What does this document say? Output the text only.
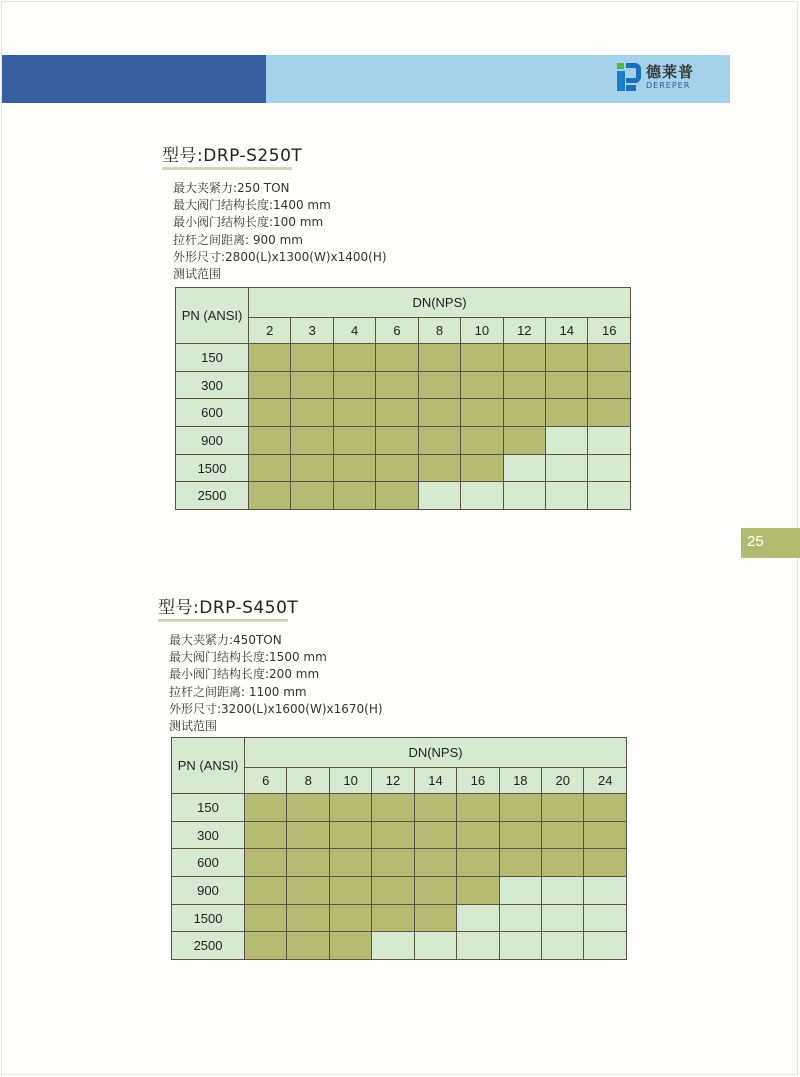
德莱普
DEREPER
型号:DRP-S250T
最大夹紧力:250 TON
最大阀门结构长度:1400 mm
最小阀门结构长度:100 mm
拉杆之间距离: 900 mm
外形尺寸:2800(L)x1300(W)x1400(H)
测试范围
PN (ANSI)	DN(NPS)								
	2	3	4	6	8	10	12	14	16
150									
300									
600									
900									
1500									
2500									
25
型号:DRP-S450T
最大夹紧力:450TON
最大阀门结构长度:1500 mm
最小阀门结构长度:200 mm
拉杆之间距离: 1100 mm
外形尺寸:3200(L)x1600(W)x1670(H)
测试范围
PN (ANSI)	DN(NPS)								
	6	8	10	12	14	16	18	20	24
150									
300									
600									
900									
1500									
2500									
